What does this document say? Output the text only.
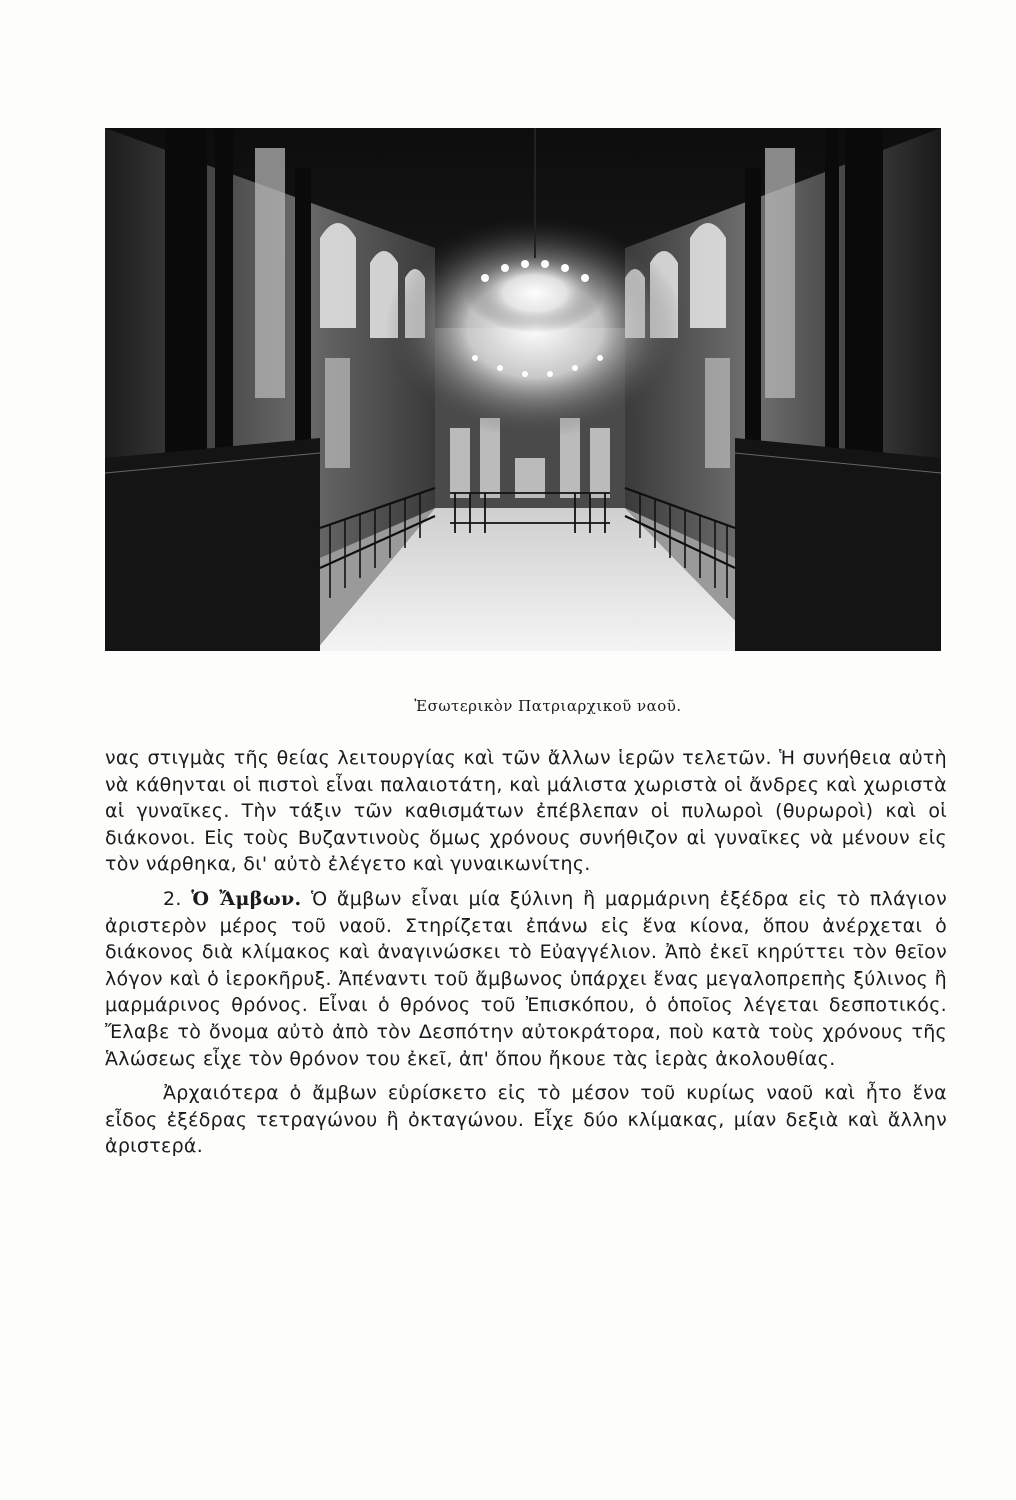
Ἐσωτερικὸν Πατριαρχικοῦ ναοῦ.

νας στιγμὰς τῆς θείας λειτουργίας καὶ τῶν ἄλλων ἱερῶν τελετῶν. Ἡ συνήθεια αὐτὴ νὰ κάθηνται οἱ πιστοὶ εἶναι παλαιοτάτη, καὶ μάλιστα χωριστὰ οἱ ἄνδρες καὶ χωριστὰ αἱ γυναῖκες. Τὴν τάξιν τῶν καθισμάτων ἐπέβλεπαν οἱ πυλωροὶ (θυρωροὶ) καὶ οἱ διάκονοι. Εἰς τοὺς Βυζαντινοὺς ὅμως χρόνους συνήθιζον αἱ γυναῖκες νὰ μένουν εἰς τὸν νάρθηκα, δι' αὐτὸ ἐλέγετο καὶ γυναικωνίτης.

2. Ὁ Ἄμβων. Ὁ ἄμβων εἶναι μία ξύλινη ἢ μαρμάρινη ἐξέδρα εἰς τὸ πλάγιον ἀριστερὸν μέρος τοῦ ναοῦ. Στηρίζεται ἐπάνω εἰς ἕνα κίονα, ὅπου ἀνέρχεται ὁ διάκονος διὰ κλίμακος καὶ ἀναγινώσκει τὸ Εὐαγγέλιον. Ἀπὸ ἐκεῖ κηρύττει τὸν θεῖον λόγον καὶ ὁ ἱεροκῆρυξ. Ἀπέναντι τοῦ ἄμβωνος ὑπάρχει ἕνας μεγαλοπρεπὴς ξύλινος ἢ μαρμάρινος θρόνος. Εἶναι ὁ θρόνος τοῦ Ἐπισκόπου, ὁ ὁποῖος λέγεται δεσποτικός. Ἔλαβε τὸ ὄνομα αὐτὸ ἀπὸ τὸν Δεσπότην αὐτοκράτορα, ποὺ κατὰ τοὺς χρόνους τῆς Ἁλώσεως εἶχε τὸν θρόνον του ἐκεῖ, ἀπ' ὅπου ἤκουε τὰς ἱερὰς ἀκολουθίας.

Ἀρχαιότερα ὁ ἄμβων εὑρίσκετο εἰς τὸ μέσον τοῦ κυρίως ναοῦ καὶ ἦτο ἕνα εἶδος ἐξέδρας τετραγώνου ἢ ὀκταγώνου. Εἶχε δύο κλίμακας, μίαν δεξιὰ καὶ ἄλλην ἀριστερά.
